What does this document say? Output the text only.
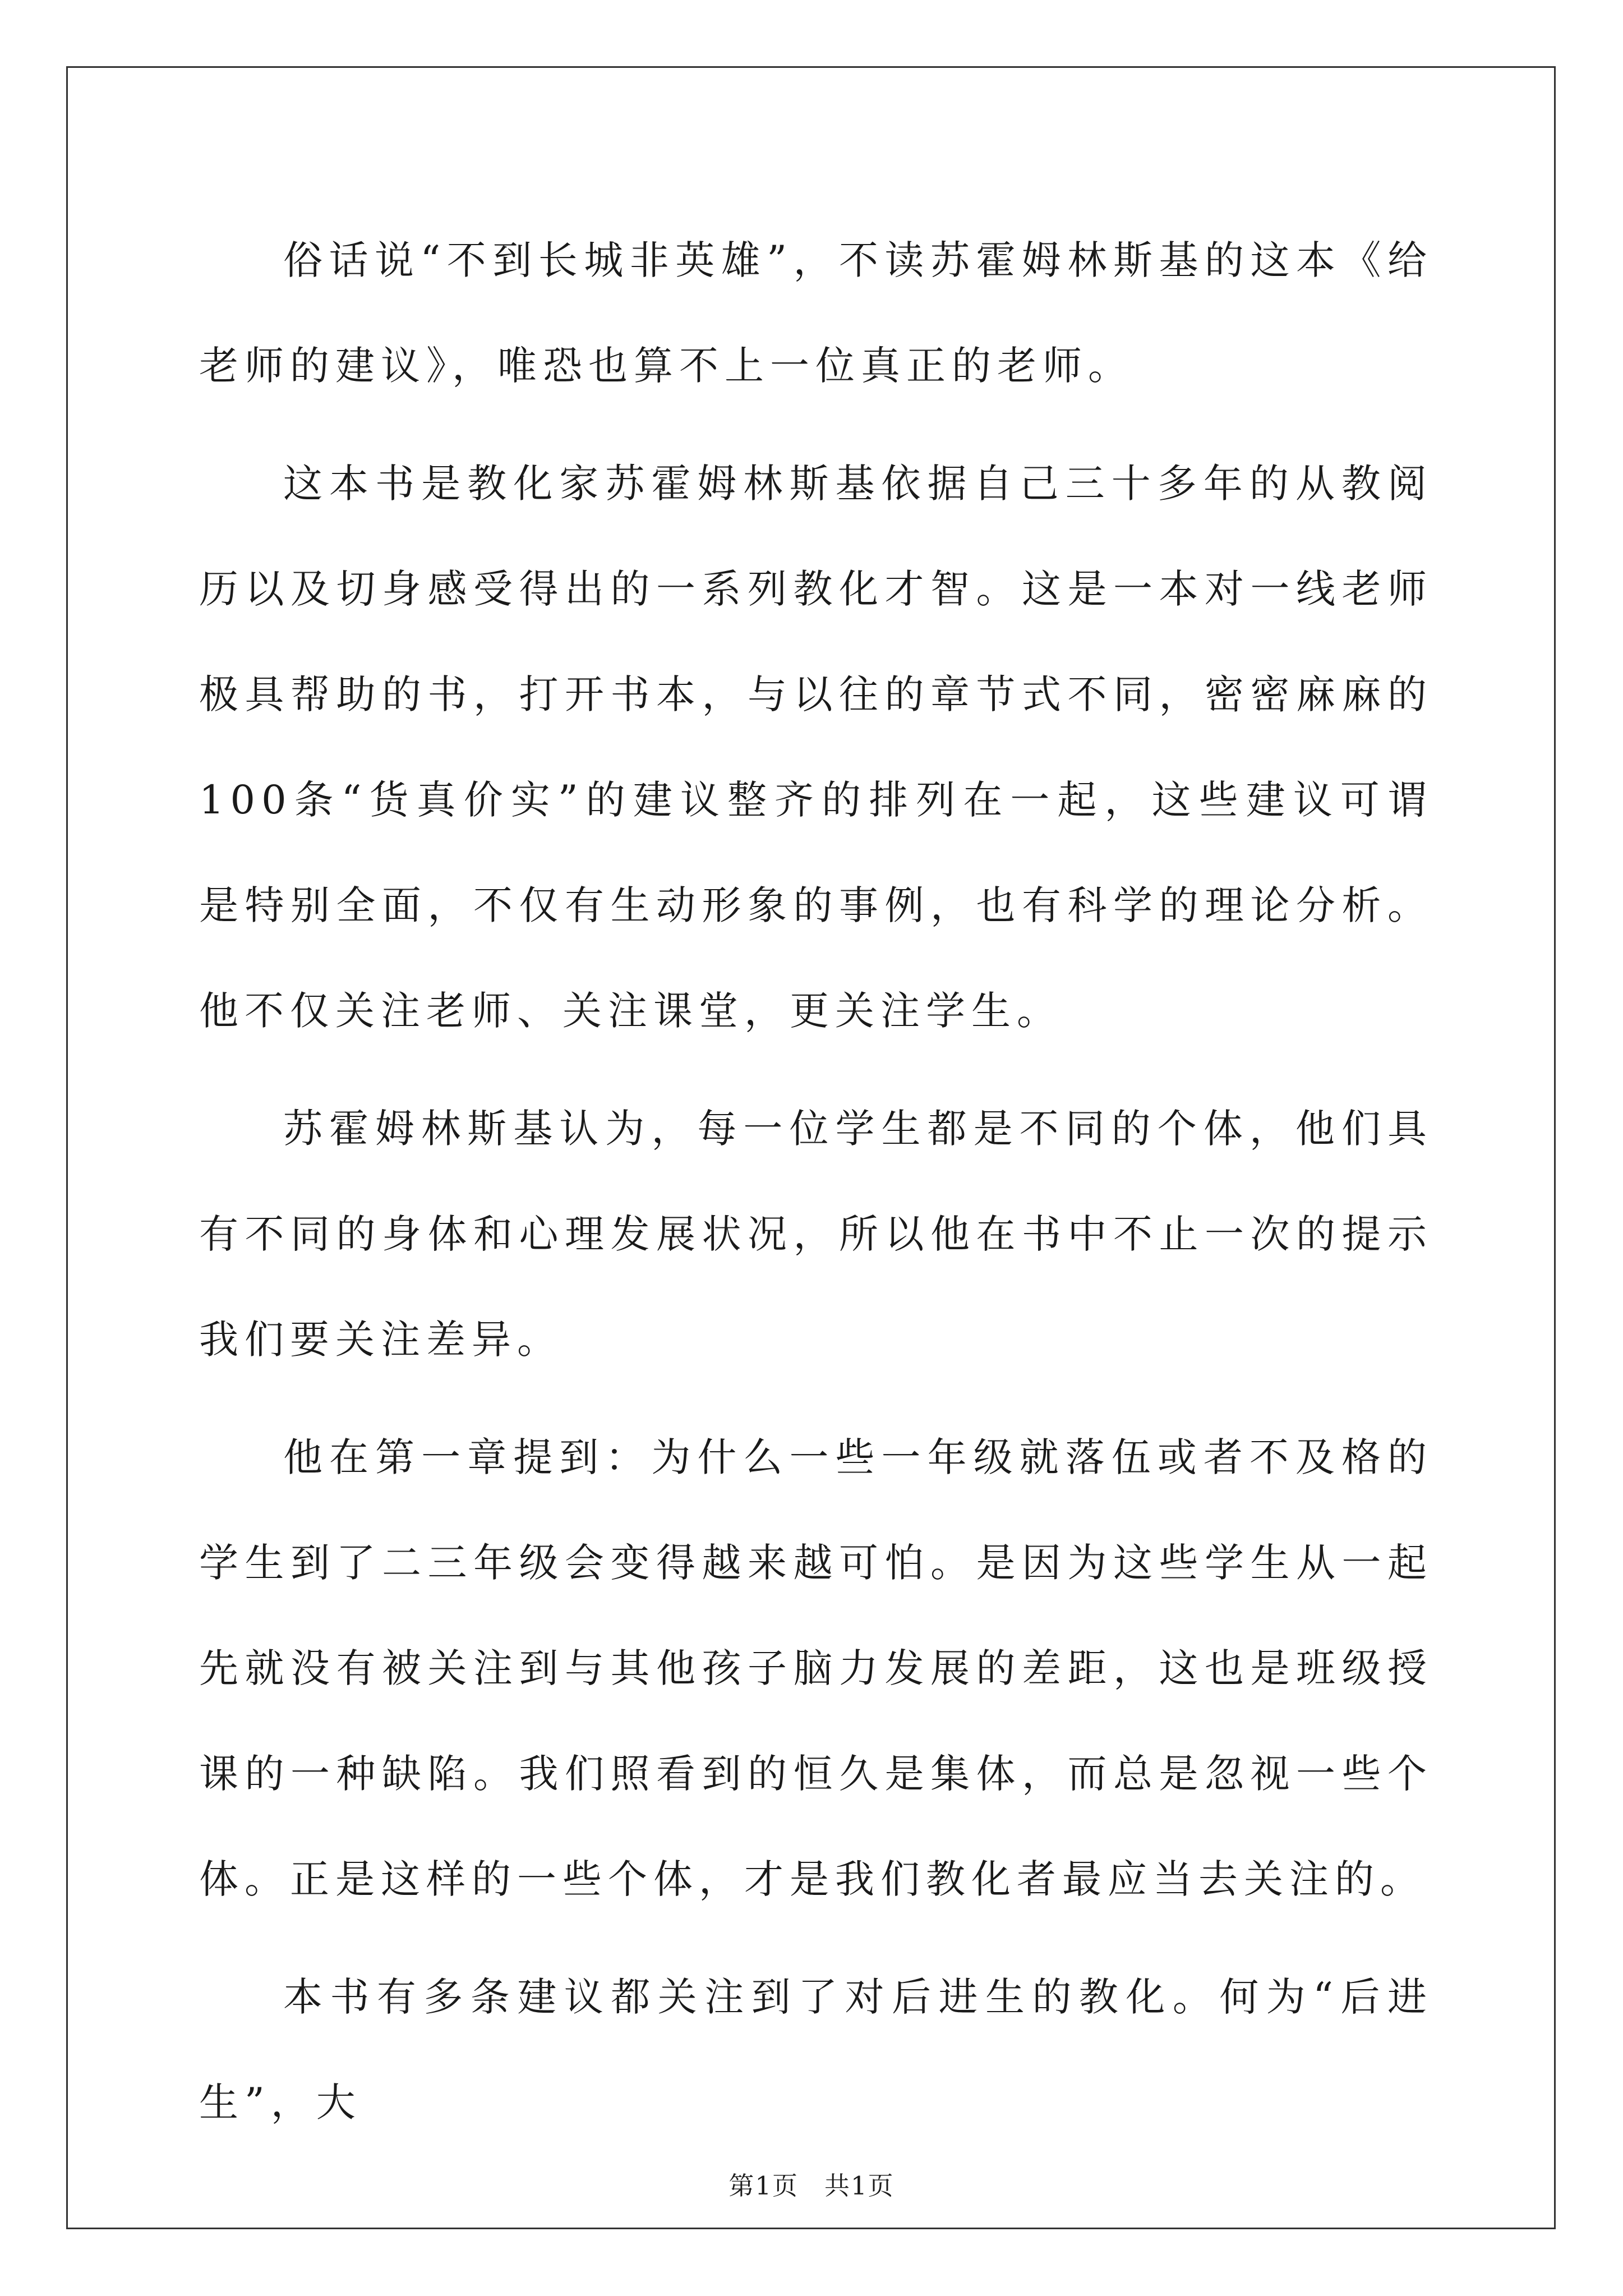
俗话说“不到长城非英雄”，不读苏霍姆林斯基的这本《给老师的建议》，唯恐也算不上一位真正的老师。

这本书是教化家苏霍姆林斯基依据自己三十多年的从教阅历以及切身感受得出的一系列教化才智。这是一本对一线老师极具帮助的书，打开书本，与以往的章节式不同，密密麻麻的100条“货真价实”的建议整齐的排列在一起，这些建议可谓是特别全面，不仅有生动形象的事例，也有科学的理论分析。他不仅关注老师、关注课堂，更关注学生。

苏霍姆林斯基认为，每一位学生都是不同的个体，他们具有不同的身体和心理发展状况，所以他在书中不止一次的提示我们要关注差异。

他在第一章提到：为什么一些一年级就落伍或者不及格的学生到了二三年级会变得越来越可怕。是因为这些学生从一起先就没有被关注到与其他孩子脑力发展的差距，这也是班级授课的一种缺陷。我们照看到的恒久是集体，而总是忽视一些个体。正是这样的一些个体，才是我们教化者最应当去关注的。

本书有多条建议都关注到了对后进生的教化。何为“后进生”，大

第1页 共1页
